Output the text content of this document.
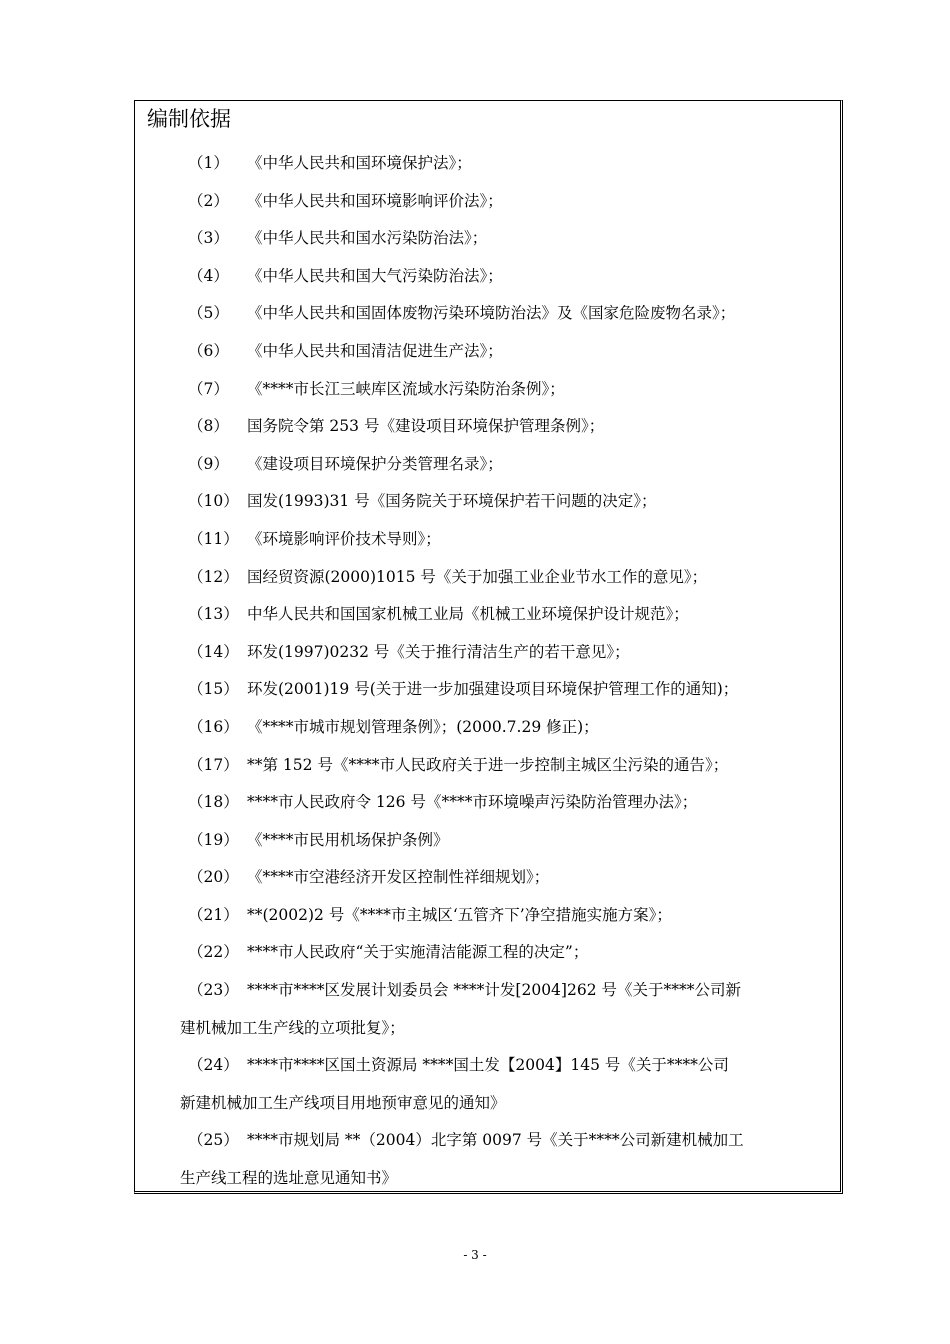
编制依据
（1） 《中华人民共和国环境保护法》；
（2） 《中华人民共和国环境影响评价法》；
（3） 《中华人民共和国水污染防治法》；
（4） 《中华人民共和国大气污染防治法》；
（5） 《中华人民共和国固体废物污染环境防治法》及《国家危险废物名录》；
（6） 《中华人民共和国清洁促进生产法》；
（7） 《****市长江三峡库区流域水污染防治条例》；
（8） 国务院令第 253 号《建设项目环境保护管理条例》；
（9） 《建设项目环境保护分类管理名录》；
（10） 国发(1993)31 号《国务院关于环境保护若干问题的决定》；
（11） 《环境影响评价技术导则》；
（12） 国经贸资源(2000)1015 号《关于加强工业企业节水工作的意见》；
（13） 中华人民共和国国家机械工业局《机械工业环境保护设计规范》；
（14） 环发(1997)0232 号《关于推行清洁生产的若干意见》；
（15） 环发(2001)19 号(关于进一步加强建设项目环境保护管理工作的通知)；
（16） 《****市城市规划管理条例》；(2000.7.29 修正)；
（17） **第 152 号《****市人民政府关于进一步控制主城区尘污染的通告》；
（18） ****市人民政府令 126 号《****市环境噪声污染防治管理办法》；
（19） 《****市民用机场保护条例》
（20） 《****市空港经济开发区控制性祥细规划》；
（21） **(2002)2 号《****市主城区‘五管齐下’净空措施实施方案》；
（22） ****市人民政府“关于实施清洁能源工程的决定”；
（23） ****市****区发展计划委员会 ****计发[2004]262 号《关于****公司新
建机械加工生产线的立项批复》；
（24） ****市****区国土资源局 ****国土发【2004】145 号《关于****公司
新建机械加工生产线项目用地预审意见的通知》
（25） ****市规划局 **（2004）北字第 0097 号《关于****公司新建机械加工
生产线工程的选址意见通知书》
- 3 -
